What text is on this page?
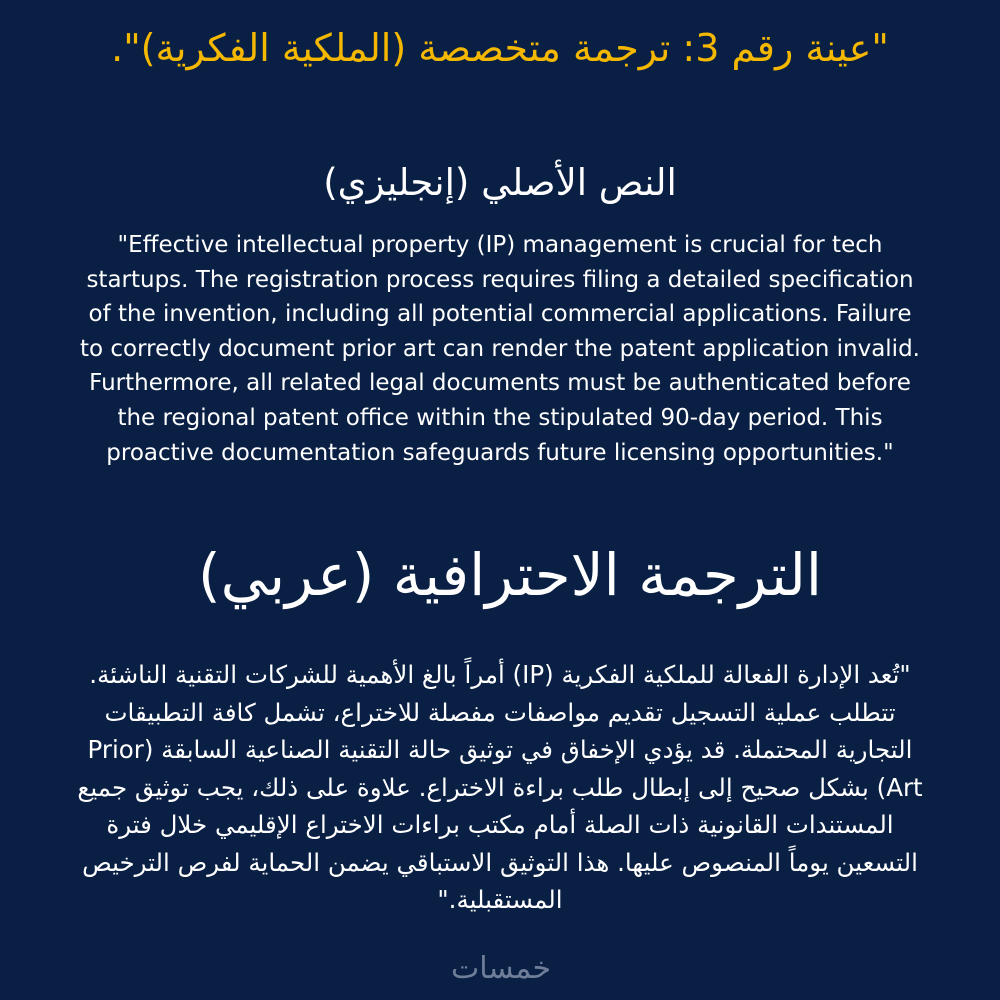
"عينة رقم 3: ترجمة متخصصة (الملكية الفكرية)".
النص الأصلي (إنجليزي)

"Effective intellectual property (IP) management is crucial for tech startups. The registration process requires filing a detailed specification of the invention, including all potential commercial applications. Failure to correctly document prior art can render the patent application invalid. Furthermore, all related legal documents must be authenticated before the regional patent office within the stipulated 90-day period. This proactive documentation safeguards future licensing opportunities."

الترجمة الاحترافية (عربي)

"تُعد الإدارة الفعالة للملكية الفكرية (IP) أمراً بالغ الأهمية للشركات التقنية الناشئة. تتطلب عملية التسجيل تقديم مواصفات مفصلة للاختراع، تشمل كافة التطبيقات التجارية المحتملة. قد يؤدي الإخفاق في توثيق حالة التقنية الصناعية السابقة (Prior Art) بشكل صحيح إلى إبطال طلب براءة الاختراع. علاوة على ذلك، يجب توثيق جميع المستندات القانونية ذات الصلة أمام مكتب براءات الاختراع الإقليمي خلال فترة التسعين يوماً المنصوص عليها. هذا التوثيق الاستباقي يضمن الحماية لفرص الترخيص المستقبلية."

خمسات
